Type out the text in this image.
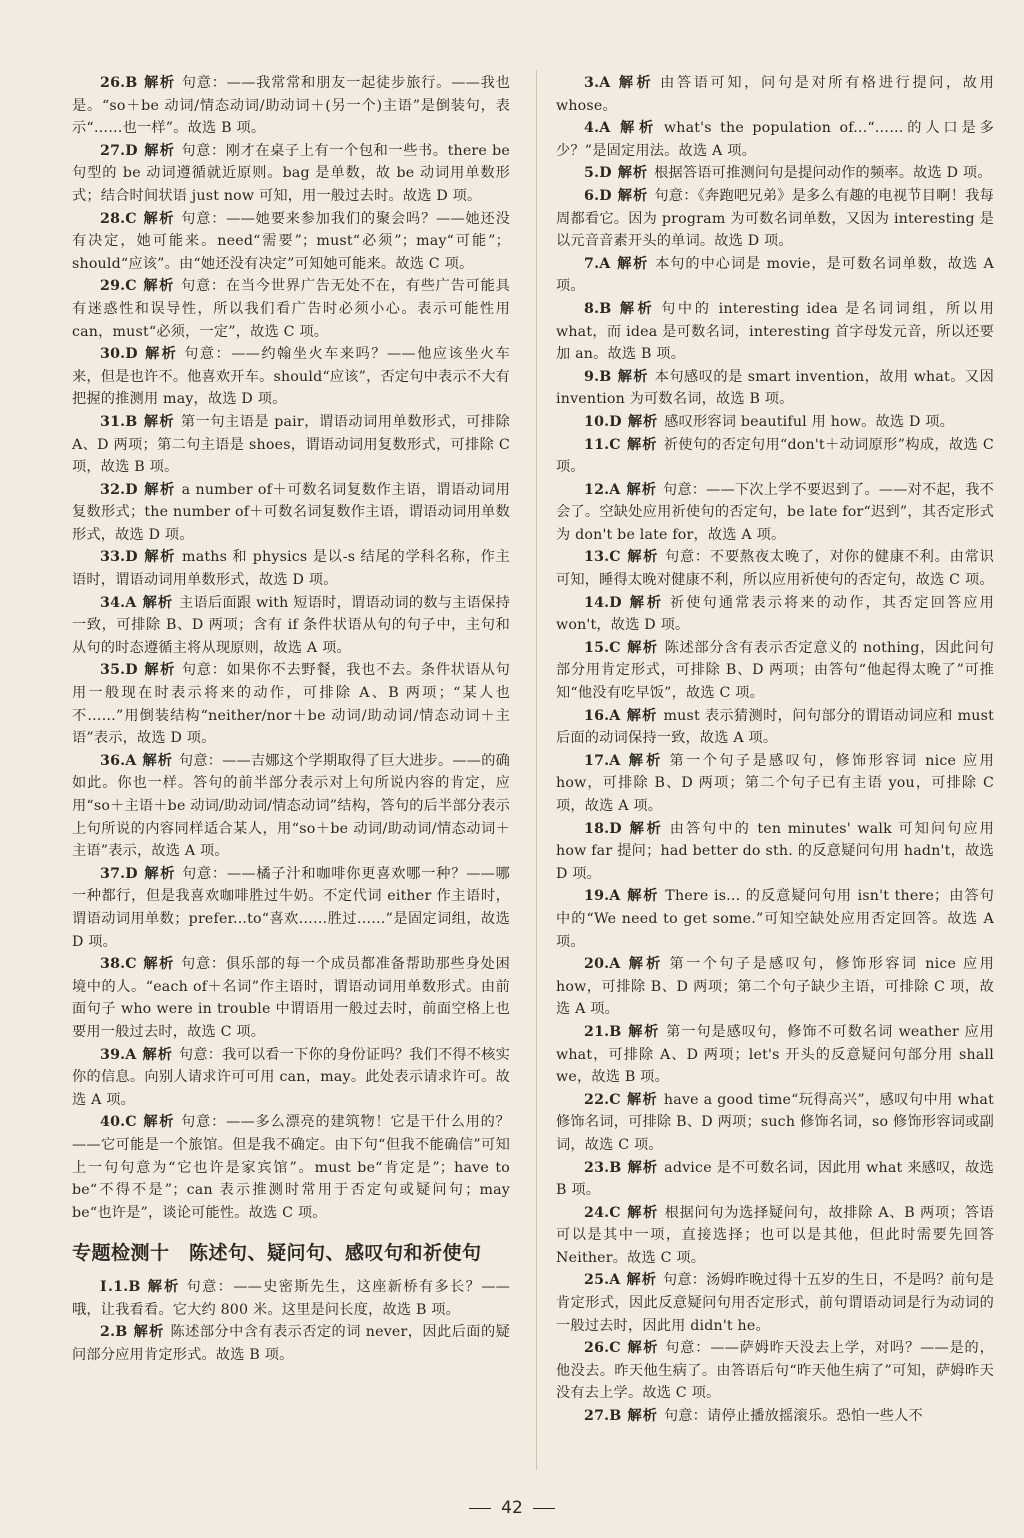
26.B 解析 句意：——我常常和朋友一起徒步旅行。——我也是。“so＋be 动词/情态动词/助动词＋(另一个)主语”是倒装句，表示“……也一样”。故选 B 项。
27.D 解析 句意：刚才在桌子上有一个包和一些书。there be 句型的 be 动词遵循就近原则。bag 是单数，故 be 动词用单数形式；结合时间状语 just now 可知，用一般过去时。故选 D 项。
28.C 解析 句意：——她要来参加我们的聚会吗？——她还没有决定，她可能来。need“需要”；must“必须”；may“可能”；should“应该”。由“她还没有决定”可知她可能来。故选 C 项。
29.C 解析 句意：在当今世界广告无处不在，有些广告可能具有迷惑性和误导性，所以我们看广告时必须小心。表示可能性用 can，must“必须，一定”，故选 C 项。
30.D 解析 句意：——约翰坐火车来吗？——他应该坐火车来，但是也许不。他喜欢开车。should“应该”，否定句中表示不大有把握的推测用 may，故选 D 项。
31.B 解析 第一句主语是 pair，谓语动词用单数形式，可排除 A、D 两项；第二句主语是 shoes，谓语动词用复数形式，可排除 C 项，故选 B 项。
32.D 解析 a number of＋可数名词复数作主语，谓语动词用复数形式；the number of＋可数名词复数作主语，谓语动词用单数形式，故选 D 项。
33.D 解析 maths 和 physics 是以-s 结尾的学科名称，作主语时，谓语动词用单数形式，故选 D 项。
34.A 解析 主语后面跟 with 短语时，谓语动词的数与主语保持一致，可排除 B、D 两项；含有 if 条件状语从句的句子中，主句和从句的时态遵循主将从现原则，故选 A 项。
35.D 解析 句意：如果你不去野餐，我也不去。条件状语从句用一般现在时表示将来的动作，可排除 A、B 两项；“某人也不……”用倒装结构“neither/nor＋be 动词/助动词/情态动词＋主语”表示，故选 D 项。
36.A 解析 句意：——吉娜这个学期取得了巨大进步。——的确如此。你也一样。答句的前半部分表示对上句所说内容的肯定，应用“so＋主语＋be 动词/助动词/情态动词”结构，答句的后半部分表示上句所说的内容同样适合某人，用“so＋be 动词/助动词/情态动词＋主语”表示，故选 A 项。
37.D 解析 句意：——橘子汁和咖啡你更喜欢哪一种？——哪一种都行，但是我喜欢咖啡胜过牛奶。不定代词 either 作主语时，谓语动词用单数；prefer...to“喜欢……胜过……”是固定词组，故选 D 项。
38.C 解析 句意：俱乐部的每一个成员都准备帮助那些身处困境中的人。“each of＋名词”作主语时，谓语动词用单数形式。由前面句子 who were in trouble 中谓语用一般过去时，前面空格上也要用一般过去时，故选 C 项。
39.A 解析 句意：我可以看一下你的身份证吗？我们不得不核实你的信息。向别人请求许可可用 can，may。此处表示请求许可。故选 A 项。
40.C 解析 句意：——多么漂亮的建筑物！它是干什么用的？——它可能是一个旅馆。但是我不确定。由下句“但我不能确信”可知上一句句意为“它也许是家宾馆”。must be“肯定是”；have to be“不得不是”；can 表示推测时常用于否定句或疑问句；may be“也许是”，谈论可能性。故选 C 项。
专题检测十　陈述句、疑问句、感叹句和祈使句
Ⅰ.1.B 解析 句意：——史密斯先生，这座新桥有多长？——哦，让我看看。它大约 800 米。这里是问长度，故选 B 项。
2.B 解析 陈述部分中含有表示否定的词 never，因此后面的疑问部分应用肯定形式。故选 B 项。
3.A 解析 由答语可知，问句是对所有格进行提问，故用 whose。
4.A 解析 what's the population of...“……的人口是多少？”是固定用法。故选 A 项。
5.D 解析 根据答语可推测问句是提问动作的频率。故选 D 项。
6.D 解析 句意：《奔跑吧兄弟》是多么有趣的电视节目啊！我每周都看它。因为 program 为可数名词单数，又因为 interesting 是以元音音素开头的单词。故选 D 项。
7.A 解析 本句的中心词是 movie，是可数名词单数，故选 A 项。
8.B 解析 句中的 interesting idea 是名词词组，所以用 what，而 idea 是可数名词，interesting 首字母发元音，所以还要加 an。故选 B 项。
9.B 解析 本句感叹的是 smart invention，故用 what。又因 invention 为可数名词，故选 B 项。
10.D 解析 感叹形容词 beautiful 用 how。故选 D 项。
11.C 解析 祈使句的否定句用“don't＋动词原形”构成，故选 C 项。
12.A 解析 句意：——下次上学不要迟到了。——对不起，我不会了。空缺处应用祈使句的否定句，be late for“迟到”，其否定形式为 don't be late for，故选 A 项。
13.C 解析 句意：不要熬夜太晚了，对你的健康不利。由常识可知，睡得太晚对健康不利，所以应用祈使句的否定句，故选 C 项。
14.D 解析 祈使句通常表示将来的动作，其否定回答应用 won't，故选 D 项。
15.C 解析 陈述部分含有表示否定意义的 nothing，因此问句部分用肯定形式，可排除 B、D 两项；由答句“他起得太晚了”可推知“他没有吃早饭”，故选 C 项。
16.A 解析 must 表示猜测时，问句部分的谓语动词应和 must 后面的动词保持一致，故选 A 项。
17.A 解析 第一个句子是感叹句，修饰形容词 nice 应用 how，可排除 B、D 两项；第二个句子已有主语 you，可排除 C 项，故选 A 项。
18.D 解析 由答句中的 ten minutes' walk 可知问句应用 how far 提问；had better do sth. 的反意疑问句用 hadn't，故选 D 项。
19.A 解析 There is... 的反意疑问句用 isn't there；由答句中的“We need to get some.”可知空缺处应用否定回答。故选 A 项。
20.A 解析 第一个句子是感叹句，修饰形容词 nice 应用 how，可排除 B、D 两项；第二个句子缺少主语，可排除 C 项，故选 A 项。
21.B 解析 第一句是感叹句，修饰不可数名词 weather 应用 what，可排除 A、D 两项；let's 开头的反意疑问句部分用 shall we，故选 B 项。
22.C 解析 have a good time“玩得高兴”，感叹句中用 what 修饰名词，可排除 B、D 两项；such 修饰名词，so 修饰形容词或副词，故选 C 项。
23.B 解析 advice 是不可数名词，因此用 what 来感叹，故选 B 项。
24.C 解析 根据问句为选择疑问句，故排除 A、B 两项；答语可以是其中一项，直接选择；也可以是其他，但此时需要先回答 Neither。故选 C 项。
25.A 解析 句意：汤姆昨晚过得十五岁的生日，不是吗？前句是肯定形式，因此反意疑问句用否定形式，前句谓语动词是行为动词的一般过去时，因此用 didn't he。
26.C 解析 句意：——萨姆昨天没去上学，对吗？——是的，他没去。昨天他生病了。由答语后句“昨天他生病了”可知，萨姆昨天没有去上学。故选 C 项。
27.B 解析 句意：请停止播放摇滚乐。恐怕一些人不
42
